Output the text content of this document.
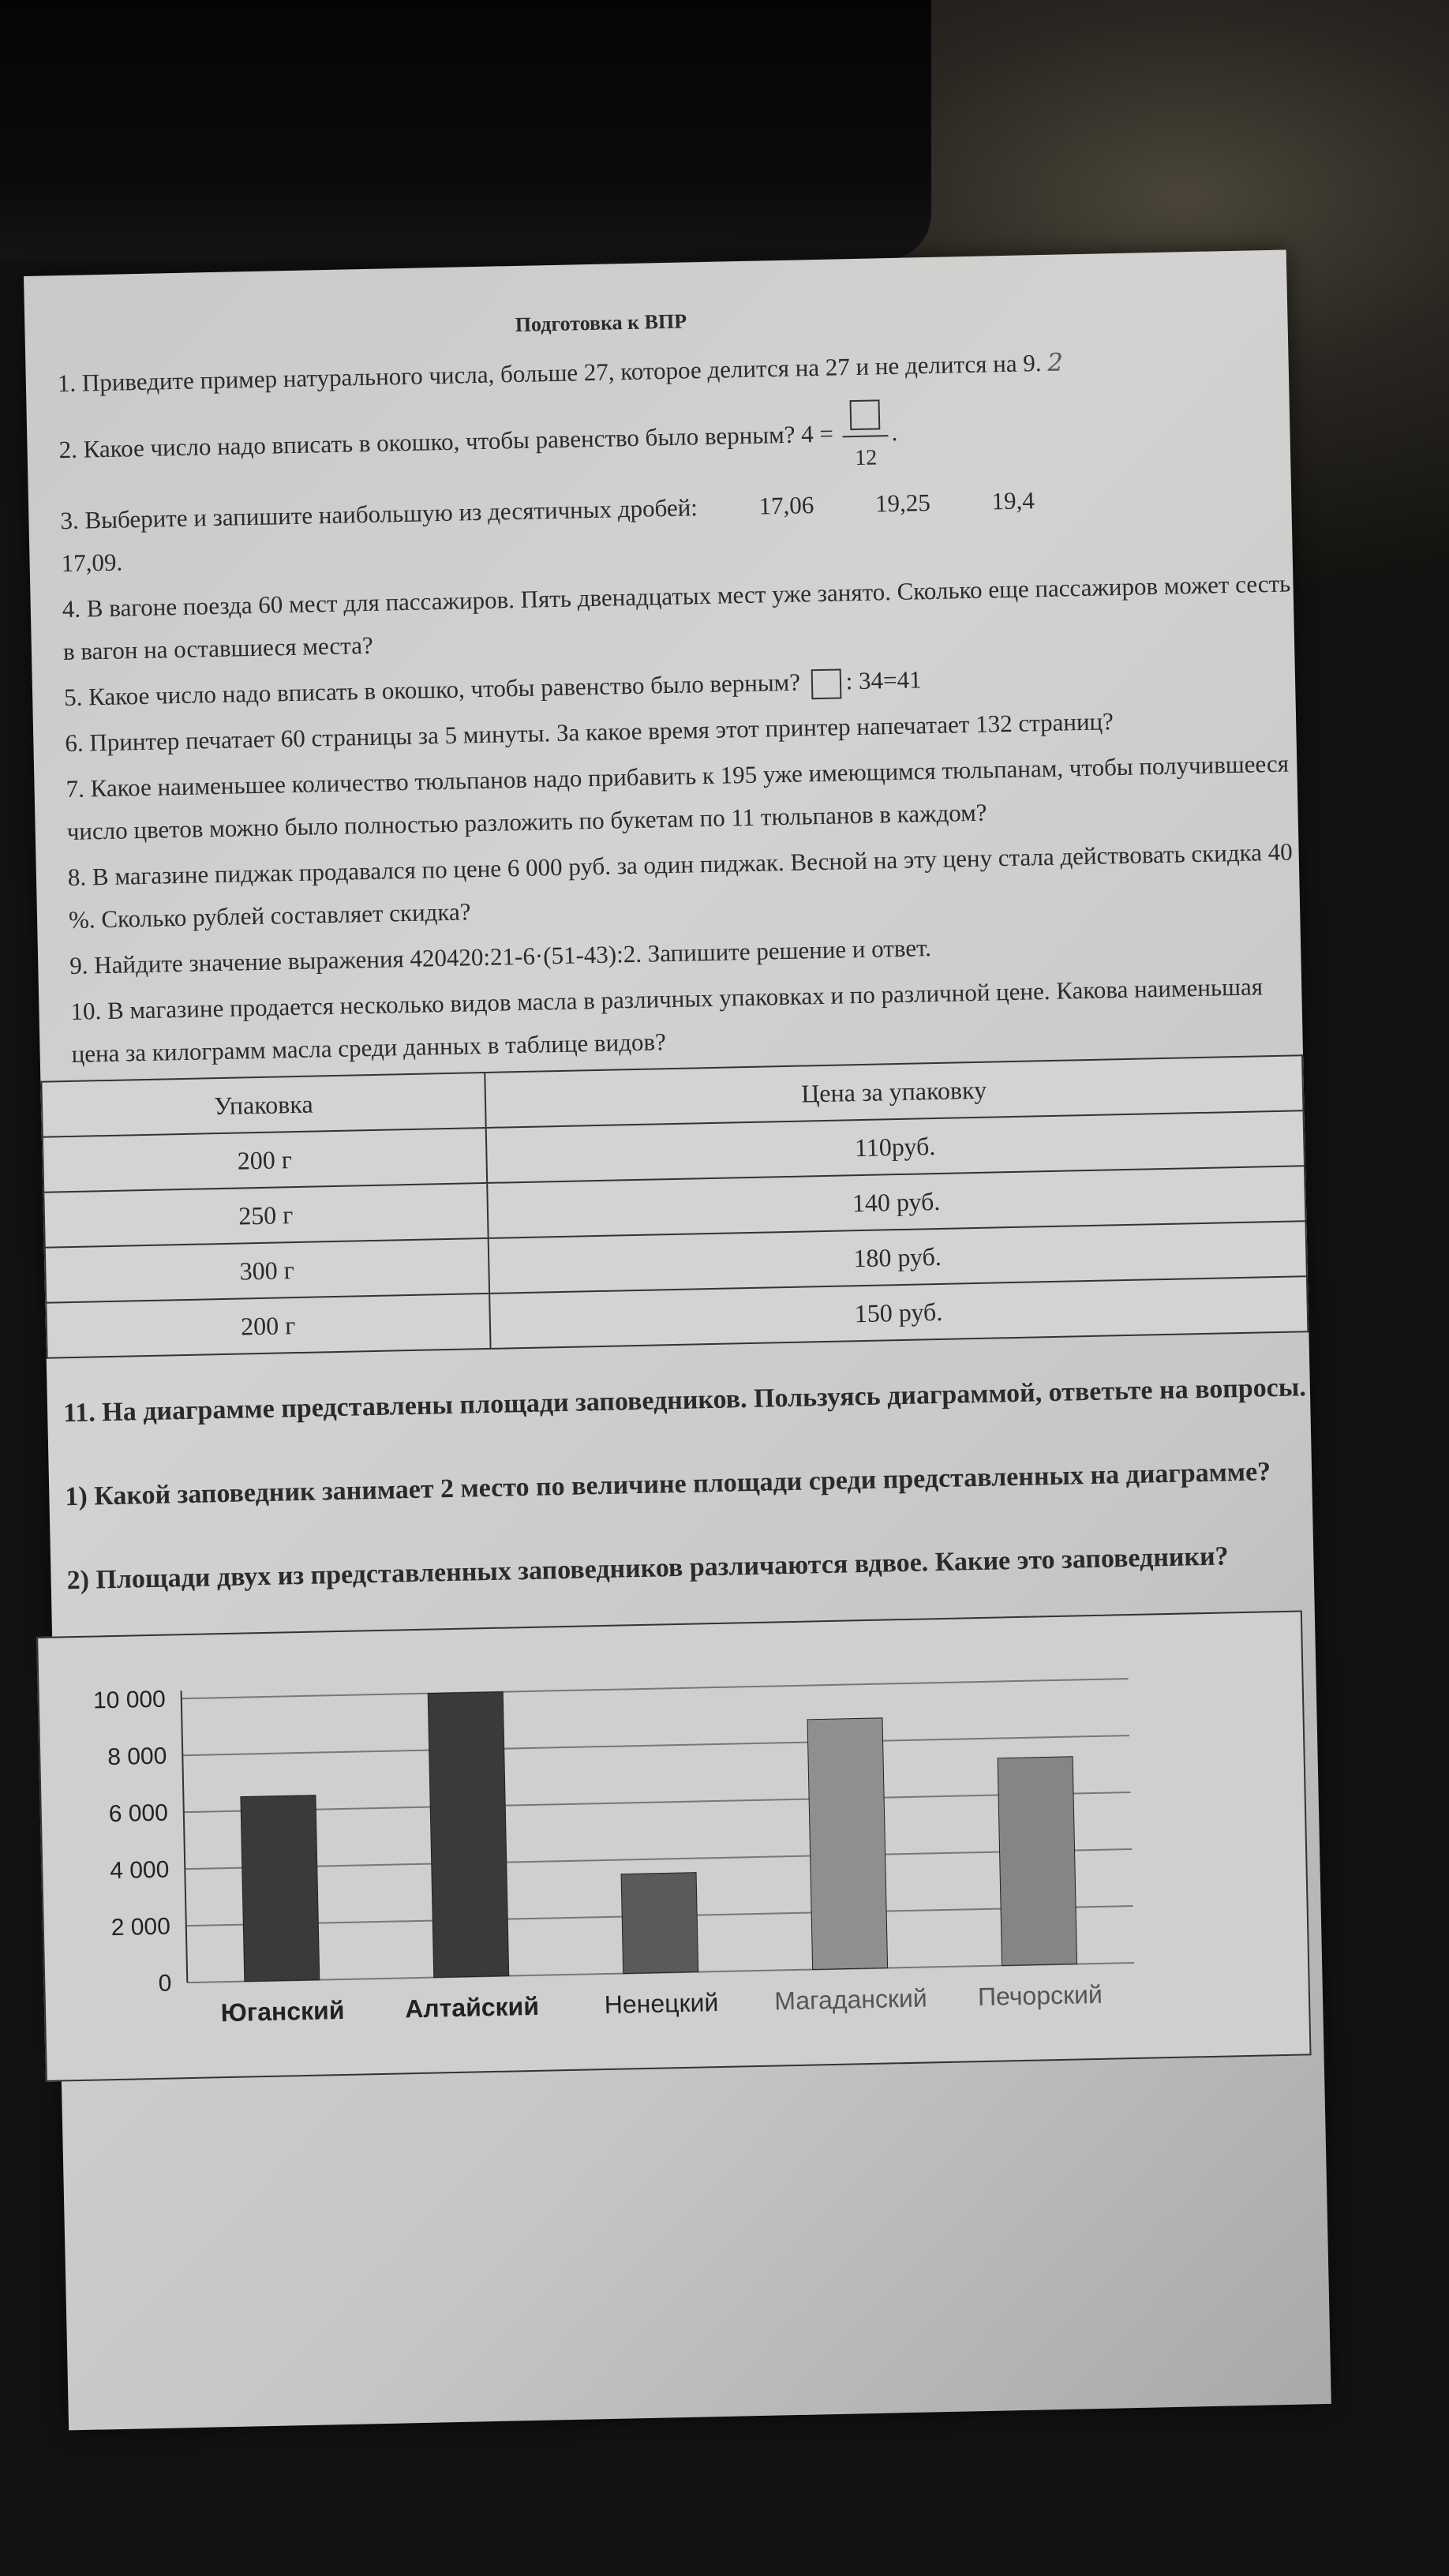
Подготовка к ВПР

1. Приведите пример натурального числа, больше 27, которое делится на 27 и не делится на 9. 2

2. Какое число надо вписать в окошко, чтобы равенство было верным? 4 = 12
.

3. Выберите и запишите наибольшую из десятичных дробей: 17,06 19,25 19,4
17,09.

4. В вагоне поезда 60 мест для пассажиров. Пять двенадцатых мест уже занято. Сколько еще пассажиров может сесть в вагон на оставшиеся места?

5. Какое число надо вписать в окошко, чтобы равенство было верным? : 34=41

6. Принтер печатает 60 страницы за 5 минуты. За какое время этот принтер напечатает 132 страниц?

7. Какое наименьшее количество тюльпанов надо прибавить к 195 уже имеющимся тюльпанам, чтобы получившееся число цветов можно было полностью разложить по букетам по 11 тюльпанов в каждом?

8. В магазине пиджак продавался по цене 6 000 руб. за один пиджак. Весной на эту цену стала действовать скидка 40 %. Сколько рублей составляет скидка?

9. Найдите значение выражения 420420:21-6·(51-43):2. Запишите решение и ответ.

10. В магазине продается несколько видов масла в различных упаковках и по различной цене. Какова наименьшая цена за килограмм масла среди данных в таблице видов?

Упаковка	Цена за упаковку
200 г	110руб.
250 г	140 руб.
300 г	180 руб.
200 г	150 руб.

11. На диаграмме представлены площади заповедников. Пользуясь диаграммой, ответьте на вопросы.

1) Какой заповедник занимает 2 место по величине площади среди представленных на диаграмме?

2) Площади двух из представленных заповедников различаются вдвое. Какие это заповедники?

0
2 000
4 000
6 000
8 000
10 000
Юганский Алтайский	Ненецкий Магаданский Печорский
